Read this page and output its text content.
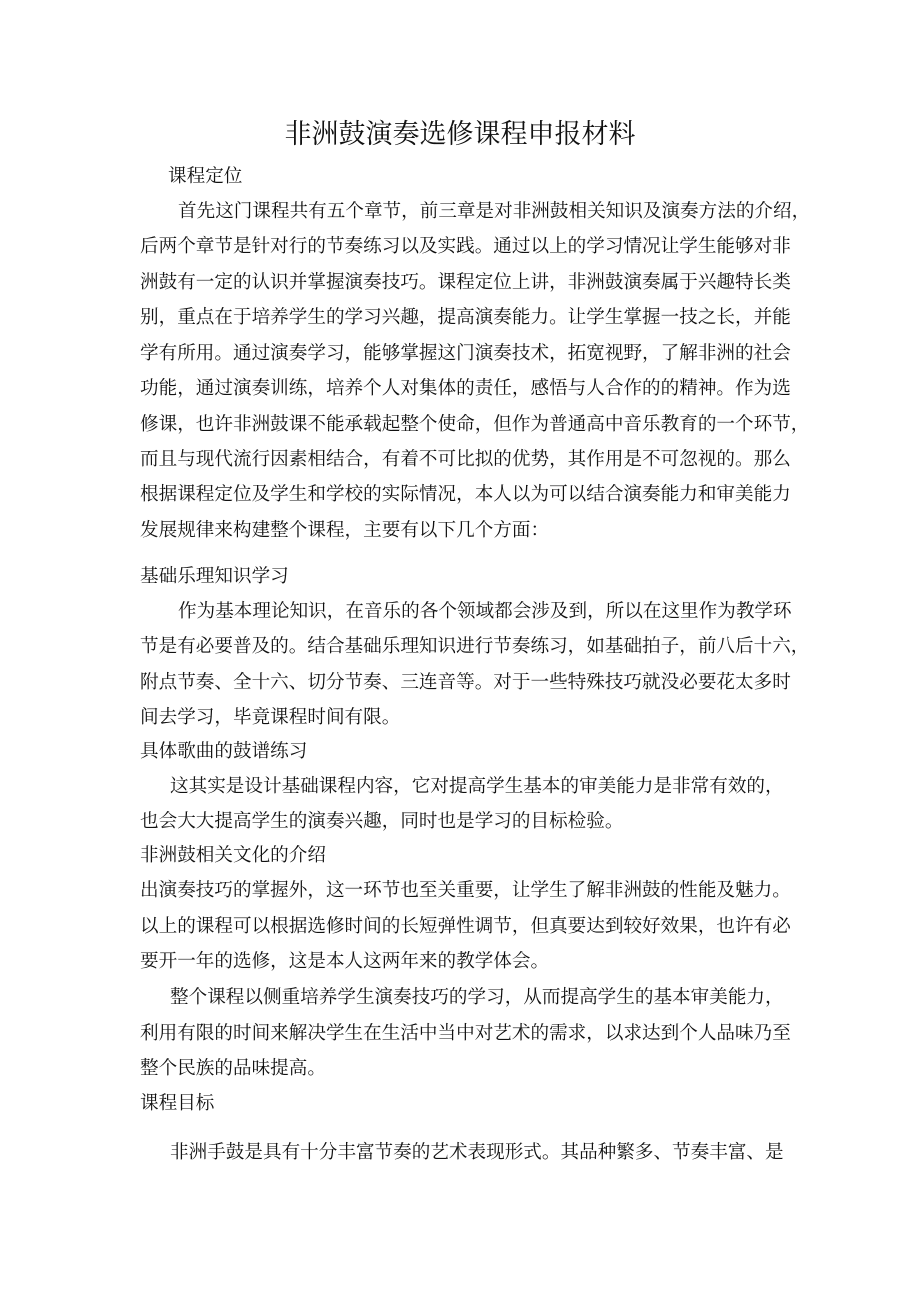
非洲鼓演奏选修课程申报材料
课程定位
首先这门课程共有五个章节，前三章是对非洲鼓相关知识及演奏方法的介绍，
后两个章节是针对行的节奏练习以及实践。通过以上的学习情况让学生能够对非
洲鼓有一定的认识并掌握演奏技巧。课程定位上讲，非洲鼓演奏属于兴趣特长类
别，重点在于培养学生的学习兴趣，提高演奏能力。让学生掌握一技之长，并能
学有所用。通过演奏学习，能够掌握这门演奏技术，拓宽视野，了解非洲的社会
功能，通过演奏训练，培养个人对集体的责任，感悟与人合作的的精神。作为选
修课，也许非洲鼓课不能承载起整个使命，但作为普通高中音乐教育的一个环节，
而且与现代流行因素相结合，有着不可比拟的优势，其作用是不可忽视的。那么
根据课程定位及学生和学校的实际情况，本人以为可以结合演奏能力和审美能力
发展规律来构建整个课程，主要有以下几个方面：
基础乐理知识学习
作为基本理论知识，在音乐的各个领域都会涉及到，所以在这里作为教学环
节是有必要普及的。结合基础乐理知识进行节奏练习，如基础拍子，前八后十六，
附点节奏、全十六、切分节奏、三连音等。对于一些特殊技巧就没必要花太多时
间去学习，毕竟课程时间有限。
具体歌曲的鼓谱练习
这其实是设计基础课程内容，它对提高学生基本的审美能力是非常有效的，
也会大大提高学生的演奏兴趣，同时也是学习的目标检验。
非洲鼓相关文化的介绍
出演奏技巧的掌握外，这一环节也至关重要，让学生了解非洲鼓的性能及魅力。
以上的课程可以根据选修时间的长短弹性调节，但真要达到较好效果，也许有必
要开一年的选修，这是本人这两年来的教学体会。
整个课程以侧重培养学生演奏技巧的学习，从而提高学生的基本审美能力，
利用有限的时间来解决学生在生活中当中对艺术的需求，以求达到个人品味乃至
整个民族的品味提高。
课程目标
非洲手鼓是具有十分丰富节奏的艺术表现形式。其品种繁多、节奏丰富、是
